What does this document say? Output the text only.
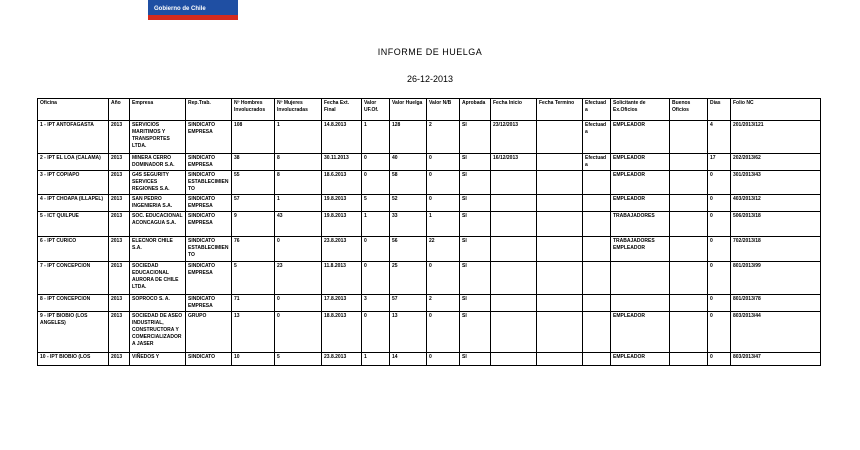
Gobierno de Chile
INFORME DE HUELGA
26-12-2013
Oficina	Año	Empresa	Rep.Trab.	Nº Hombres Involucrados	Nº Mujeres Involucradas	Fecha Ext. Final	Valor UF.Of.	Valor Huelga	Valor N/B	Aprobada	Fecha Inicio	Fecha Termino	Efectuada	Solicitante de Ex.Oficios	Buenos Oficios	Días	Folio NC
1 - IPT ANTOFAGASTA	2013	SERVICIOS MARITIMOS Y TRANSPORTES LTDA.	SINDICATO EMPRESA	108	1	14.8.2013	1	128	2	SI	23/12/2013		Efectuada	EMPLEADOR		4	201/2013/121
2 - IPT EL LOA (CALAMA)	2013	MINERA CERRO DOMINADOR S.A.	SINDICATO EMPRESA	38	8	30.11.2013	0	40	0	SI	16/12/2013		Efectuada	EMPLEADOR		17	202/2013/62
3 - IPT COPIAPO	2013	G4S SEGURITY SERVICES REGIONES S.A.	SINDICATO ESTABLECIMIENTO	55	8	18.6.2013	0	58	0	SI				EMPLEADOR		0	301/2013/43
4 - IPT CHOAPA (ILLAPEL)	2013	SAN PEDRO INGENIERIA S.A.	SINDICATO EMPRESA	57	1	19.8.2013	5	52	0	SI				EMPLEADOR		0	403/2013/12
5 - ICT QUILPUE	2013	SOC. EDUCACIONAL ACONCAGUA S.A.	SINDICATO EMPRESA	9	43	19.8.2013	1	33	1	SI				TRABAJADORES		0	506/2013/18
6 - IPT CURICO	2013	ELECNOR CHILE S.A.	SINDICATO ESTABLECIMIENTO	76	0	23.8.2013	0	56	22	SI				TRABAJADORES EMPLEADOR		0	702/2013/18
7 - IPT CONCEPCION	2013	SOCIEDAD EDUCACIONAL AURORA DE CHILE LTDA.	SINDICATO EMPRESA	5	23	11.8.2013	0	25	0	SI						0	801/2013/99
8 - IPT CONCEPCION	2013	SOPROCO S. A.	SINDICATO EMPRESA	71	0	17.8.2013	3	57	2	SI						0	801/2013/78
9 - IPT BIOBIO (LOS ANGELES)	2013	SOCIEDAD DE ASEO INDUSTRIAL, CONSTRUCTORA Y COMERCIALIZADORA JASER	GRUPO	13	0	18.8.2013	0	13	0	SI				EMPLEADOR		0	803/2013/44
10 - IPT BIOBIO (LOS	2013	VIÑEDOS Y	SINDICATO	10	5	23.8.2013	1	14	0	SI				EMPLEADOR		0	803/2013/47
